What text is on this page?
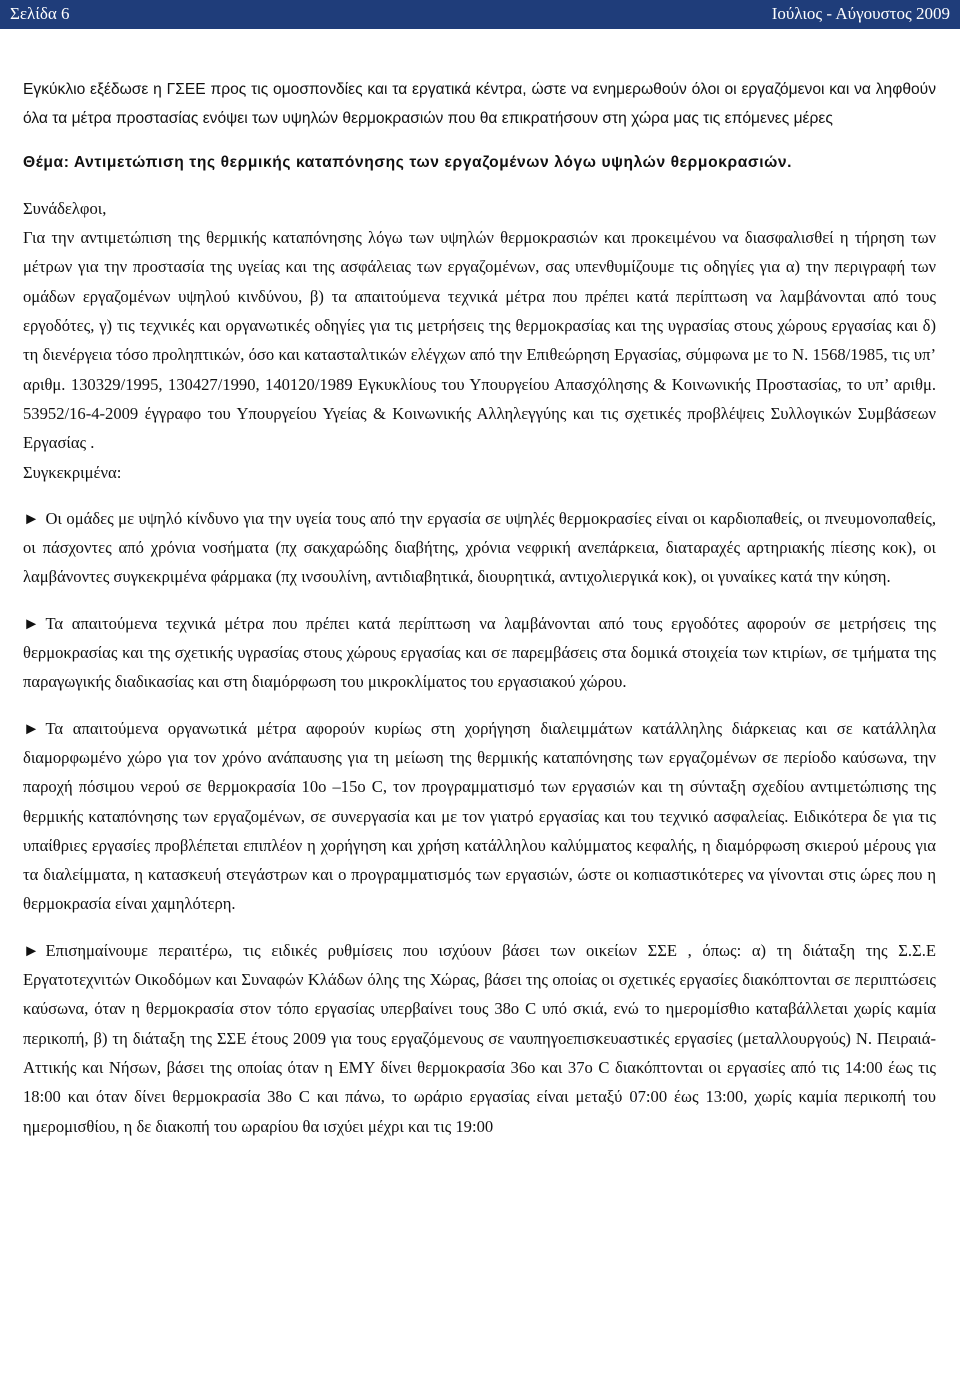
Σελίδα 6	Ιούλιος - Αύγουστος 2009

Εγκύκλιο εξέδωσε η ΓΣΕΕ προς τις ομοσπονδίες και τα εργατικά κέντρα, ώστε να ενημερωθούν όλοι οι εργαζόμενοι και να ληφθούν όλα τα μέτρα προστασίας ενόψει των υψηλών θερμοκρασιών που θα επικρατήσουν στη χώρα μας τις επόμενες μέρες

Θέμα: Αντιμετώπιση της θερμικής καταπόνησης των εργαζομένων λόγω υψηλών θερμοκρασιών.

Συνάδελφοι,

Για την αντιμετώπιση της θερμικής καταπόνησης λόγω των υψηλών θερμοκρασιών και προκειμένου να διασφαλισθεί η τήρηση των μέτρων για την προστασία της υγείας και της ασφάλειας των εργαζομένων, σας υπενθυμίζουμε τις οδηγίες για α) την περιγραφή των ομάδων εργαζομένων υψηλού κινδύνου, β) τα απαιτούμενα τεχνικά μέτρα που πρέπει κατά περίπτωση να λαμβάνονται από τους εργοδότες, γ) τις τεχνικές και οργανωτικές οδηγίες για τις μετρήσεις της θερμοκρασίας και της υγρασίας στους χώρους εργασίας και δ) τη διενέργεια τόσο προληπτικών, όσο και κατασταλτικών ελέγχων από την Επιθεώρηση Εργασίας, σύμφωνα με το Ν. 1568/1985, τις υπ’ αριθμ. 130329/1995, 130427/1990, 140120/1989 Εγκυκλίους του Υπουργείου Απασχόλησης & Κοινωνικής Προστασίας, το υπ’ αριθμ. 53952/16-4-2009 έγγραφο του Υπουργείου Υγείας & Κοινωνικής Αλληλεγγύης και τις σχετικές προβλέψεις Συλλογικών Συμβάσεων Εργασίας .

Συγκεκριμένα:

► Οι ομάδες με υψηλό κίνδυνο για την υγεία τους από την εργασία σε υψηλές θερμοκρασίες είναι οι καρδιοπαθείς, οι πνευμονοπαθείς, οι πάσχοντες από χρόνια νοσήματα (πχ σακχαρώδης διαβήτης, χρόνια νεφρική ανεπάρκεια, διαταραχές αρτηριακής πίεσης κοκ), οι λαμβάνοντες συγκεκριμένα φάρμακα (πχ ινσουλίνη, αντιδιαβητικά, διουρητικά, αντιχολιεργικά κοκ), οι γυναίκες κατά την κύηση.

► Τα απαιτούμενα τεχνικά μέτρα που πρέπει κατά περίπτωση να λαμβάνονται από τους εργοδότες αφορούν σε μετρήσεις της θερμοκρασίας και της σχετικής υγρασίας στους χώρους εργασίας και σε παρεμβάσεις στα δομικά στοιχεία των κτιρίων, σε τμήματα της παραγωγικής διαδικασίας και στη διαμόρφωση του μικροκλίματος του εργασιακού χώρου.

► Τα απαιτούμενα οργανωτικά μέτρα αφορούν κυρίως στη χορήγηση διαλειμμάτων κατάλληλης διάρκειας και σε κατάλληλα διαμορφωμένο χώρο για τον χρόνο ανάπαυσης για τη μείωση της θερμικής καταπόνησης των εργαζομένων σε περίοδο καύσωνα, την παροχή πόσιμου νερού σε θερμοκρασία 10ο –15ο C, τον προγραμματισμό των εργασιών και τη σύνταξη σχεδίου αντιμετώπισης της θερμικής καταπόνησης των εργαζομένων, σε συνεργασία και με τον γιατρό εργασίας και του τεχνικό ασφαλείας. Ειδικότερα δε για τις υπαίθριες εργασίες προβλέπεται επιπλέον η χορήγηση και χρήση κατάλληλου καλύμματος κεφαλής, η διαμόρφωση σκιερού μέρους για τα διαλείμματα, η κατασκευή στεγάστρων και ο προγραμματισμός των εργασιών, ώστε οι κοπιαστικότερες να γίνονται στις ώρες που η θερμοκρασία είναι χαμηλότερη.

► Επισημαίνουμε περαιτέρω, τις ειδικές ρυθμίσεις που ισχύουν βάσει των οικείων ΣΣΕ , όπως: α) τη διάταξη της Σ.Σ.Ε Εργατοτεχνιτών Οικοδόμων και Συναφών Κλάδων όλης της Χώρας, βάσει της οποίας οι σχετικές εργασίες διακόπτονται σε περιπτώσεις καύσωνα, όταν η θερμοκρασία στον τόπο εργασίας υπερβαίνει τους 38ο C υπό σκιά, ενώ το ημερομίσθιο καταβάλλεται χωρίς καμία περικοπή, β) τη διάταξη της ΣΣΕ έτους 2009 για τους εργαζόμενους σε ναυπηγοεπισκευαστικές εργασίες (μεταλλουργούς) Ν. Πειραιά-Αττικής και Νήσων, βάσει της οποίας όταν η ΕΜΥ δίνει θερμοκρασία 36ο και 37ο C διακόπτονται οι εργασίες από τις 14:00 έως τις 18:00 και όταν δίνει θερμοκρασία 38ο C και πάνω, το ωράριο εργασίας είναι μεταξύ 07:00 έως 13:00, χωρίς καμία περικοπή του ημερομισθίου, η δε διακοπή του ωραρίου θα ισχύει μέχρι και τις 19:00
